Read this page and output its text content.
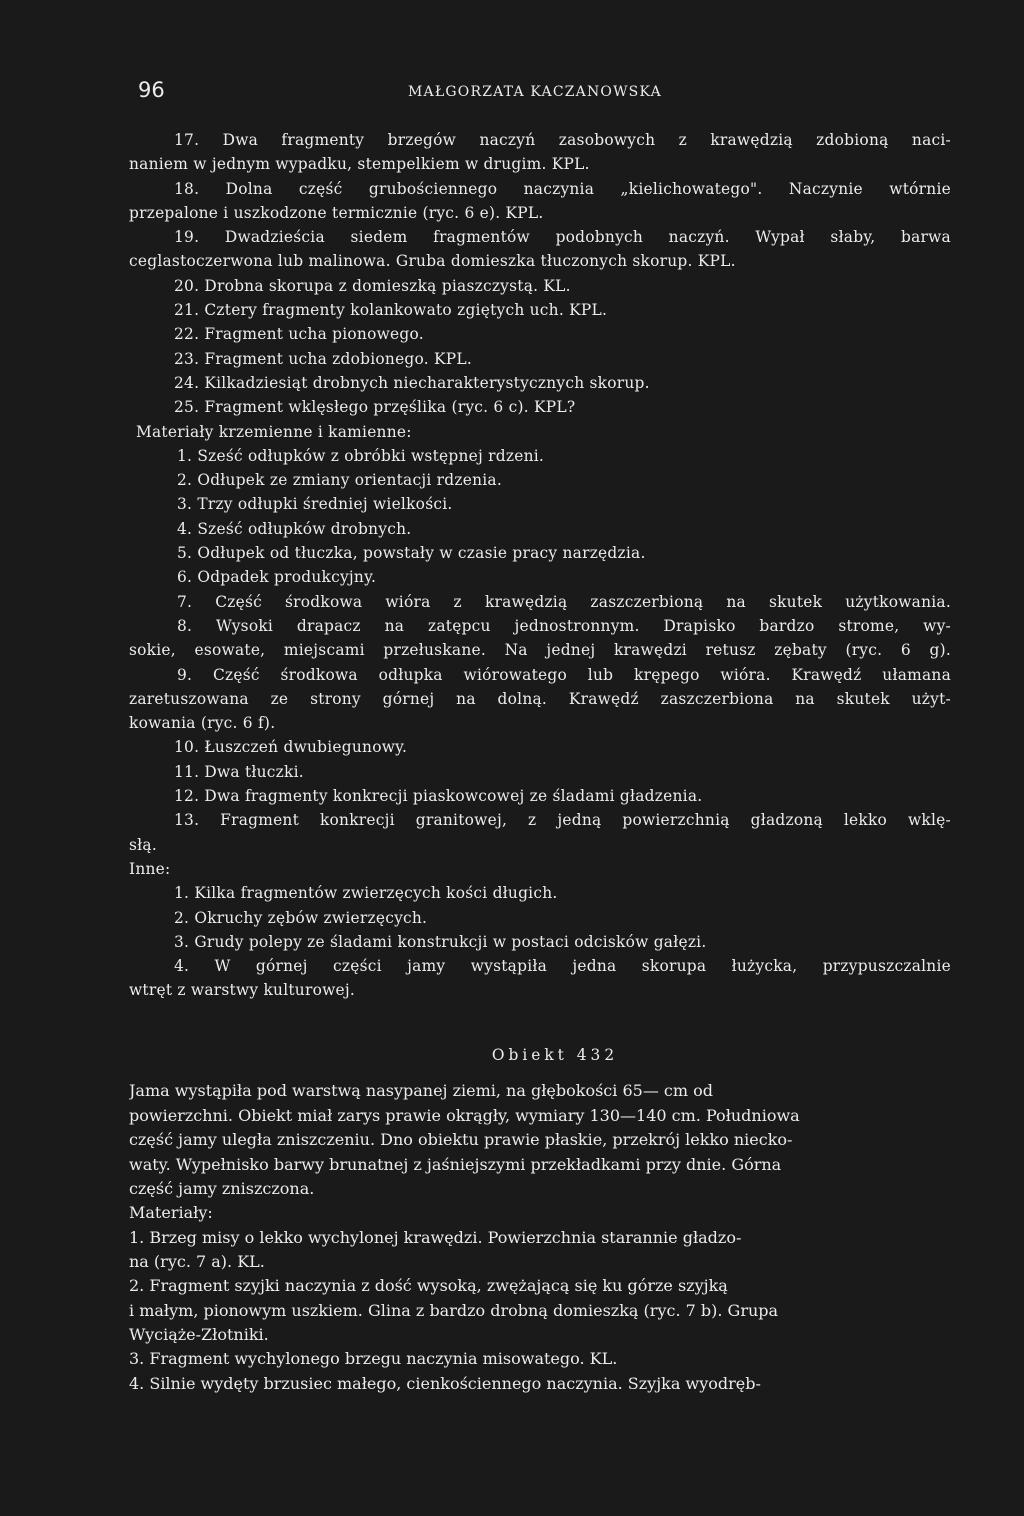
96	MAŁGORZATA KACZANOWSKA
17. Dwa fragmenty brzegów naczyń zasobowych z krawędzią zdobioną naci-
naniem w jednym wypadku, stempelkiem w drugim. KPL.
18. Dolna część grubościennego naczynia „kielichowatego". Naczynie wtórnie
przepalone i uszkodzone termicznie (ryc. 6 e). KPL.
19. Dwadzieścia siedem fragmentów podobnych naczyń. Wypał słaby, barwa
ceglastoczerwona lub malinowa. Gruba domieszka tłuczonych skorup. KPL.
20. Drobna skorupa z domieszką piaszczystą. KL.
21. Cztery fragmenty kolankowato zgiętych uch. KPL.
22. Fragment ucha pionowego.
23. Fragment ucha zdobionego. KPL.
24. Kilkadziesiąt drobnych niecharakterystycznych skorup.
25. Fragment wklęsłego przęślika (ryc. 6 c). KPL?
Materiały krzemienne i kamienne:
1. Sześć odłupków z obróbki wstępnej rdzeni.
2. Odłupek ze zmiany orientacji rdzenia.
3. Trzy odłupki średniej wielkości.
4. Sześć odłupków drobnych.
5. Odłupek od tłuczka, powstały w czasie pracy narzędzia.
6. Odpadek produkcyjny.
7. Część środkowa wióra z krawędzią zaszczerbioną na skutek użytkowania.
8. Wysoki drapacz na zatępcu jednostronnym. Drapisko bardzo strome, wy-
sokie, esowate, miejscami przełuskane. Na jednej krawędzi retusz zębaty (ryc. 6 g).
9. Część środkowa odłupka wiórowatego lub krępego wióra. Krawędź ułamana
zaretuszowana ze strony górnej na dolną. Krawędź zaszczerbiona na skutek użyt-
kowania (ryc. 6 f).
10. Łuszczeń dwubiegunowy.
11. Dwa tłuczki.
12. Dwa fragmenty konkrecji piaskowcowej ze śladami gładzenia.
13. Fragment konkrecji granitowej, z jedną powierzchnią gładzoną lekko wklę-
słą.
Inne:
1. Kilka fragmentów zwierzęcych kości długich.
2. Okruchy zębów zwierzęcych.
3. Grudy polepy ze śladami konstrukcji w postaci odcisków gałęzi.
4. W górnej części jamy wystąpiła jedna skorupa łużycka, przypuszczalnie
wtręt z warstwy kulturowej.
Obiekt 432
Jama wystąpiła pod warstwą nasypanej ziemi, na głębokości 65— cm od
powierzchni. Obiekt miał zarys prawie okrągły, wymiary 130—140 cm. Południowa
część jamy uległa zniszczeniu. Dno obiektu prawie płaskie, przekrój lekko niecko-
waty. Wypełnisko barwy brunatnej z jaśniejszymi przekładkami przy dnie. Górna
część jamy zniszczona.
Materiały:
1. Brzeg misy o lekko wychylonej krawędzi. Powierzchnia starannie gładzo-
na (ryc. 7 a). KL.
2. Fragment szyjki naczynia z dość wysoką, zwężającą się ku górze szyjką
i małym, pionowym uszkiem. Glina z bardzo drobną domieszką (ryc. 7 b). Grupa
Wyciąże-Złotniki.
3. Fragment wychylonego brzegu naczynia misowatego. KL.
4. Silnie wydęty brzusiec małego, cienkościennego naczynia. Szyjka wyodręb-
